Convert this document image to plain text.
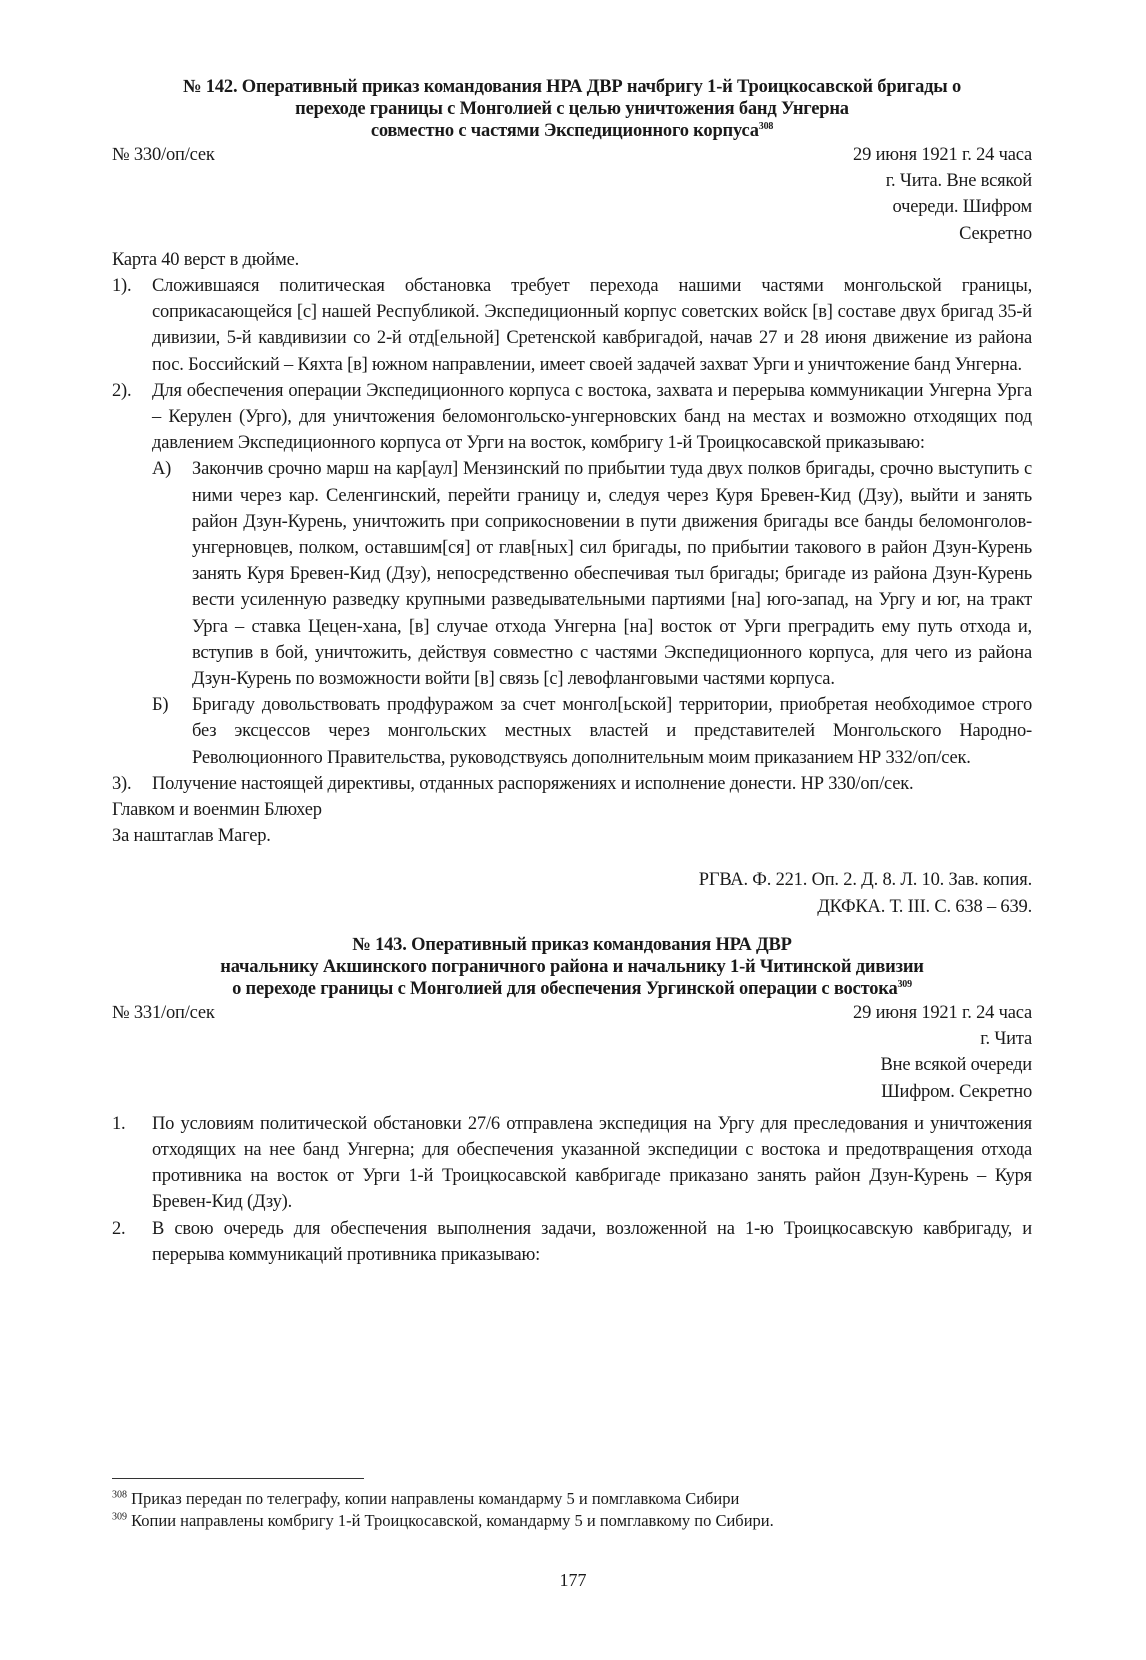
№ 142. Оперативный приказ командования НРА ДВР начбригу 1-й Троицкосавской бригады о
переходе границы с Монголией с целью уничтожения банд Унгерна
совместно с частями Экспедиционного корпуса$^{308}$
№ 330/оп/сек	29 июня 1921 г. 24 часа
г. Чита. Вне всякой
очереди. Шифром
Секретно
Карта 40 верст в дюйме.
1).	Сложившаяся политическая обстановка требует перехода нашими частями монгольской границы, соприкасающейся [с] нашей Республикой. Экспедиционный корпус советских войск [в] составе двух бригад 35-й дивизии, 5-й кавдивизии со 2-й отд[ельной] Сретенской кавбригадой, начав 27 и 28 июня движение из района пос. Боссийский – Кяхта [в] южном направлении, имеет своей задачей захват Урги и уничтожение банд Унгерна.
2).	Для обеспечения операции Экспедиционного корпуса с востока, захвата и перерыва коммуникации Унгерна Урга – Керулен (Урго), для уничтожения беломонгольско-унгерновских банд на местах и возможно отходящих под давлением Экспедиционного корпуса от Урги на восток, комбригу 1-й Троицкосавской приказываю:
А)	Закончив срочно марш на кар[аул] Мензинский по прибытии туда двух полков бригады, срочно выступить с ними через кар. Селенгинский, перейти границу и, следуя через Куря Бревен-Кид (Дзу), выйти и занять район Дзун-Курень, уничтожить при соприкосновении в пути движения бригады все банды беломонголов-унгерновцев, полком, оставшим[ся] от глав[ных] сил бригады, по прибытии такового в район Дзун-Курень занять Куря Бревен-Кид (Дзу), непосредственно обеспечивая тыл бригады; бригаде из района Дзун-Курень вести усиленную разведку крупными разведывательными партиями [на] юго-запад, на Ургу и юг, на тракт Урга – ставка Цецен-хана, [в] случае отхода Унгерна [на] восток от Урги преградить ему путь отхода и, вступив в бой, уничтожить, действуя совместно с частями Экспедиционного корпуса, для чего из района Дзун-Курень по возможности войти [в] связь [с] левофланговыми частями корпуса.
Б)	Бригаду довольствовать продфуражом за счет монгол[ьской] территории, приобретая необходимое строго без эксцессов через монгольских местных властей и представителей Монгольского Народно-Революционного Правительства, руководствуясь дополнительным моим приказанием НР 332/оп/сек.
3).	Получение настоящей директивы, отданных распоряжениях и исполнение донести. НР 330/оп/сек.
Главком и военмин Блюхер
За наштаглав Магер.
РГВА. Ф. 221. Оп. 2. Д. 8. Л. 10. Зав. копия.
ДКФКА. Т. III. С. 638 – 639.
№ 143. Оперативный приказ командования НРА ДВР
начальнику Акшинского пограничного района и начальнику 1-й Читинской дивизии
о переходе границы с Монголией для обеспечения Ургинской операции с востока$^{309}$
№ 331/оп/сек	29 июня 1921 г. 24 часа
г. Чита
Вне всякой очереди
Шифром. Секретно
1.	По условиям политической обстановки 27/6 отправлена экспедиция на Ургу для преследования и уничтожения отходящих на нее банд Унгерна; для обеспечения указанной экспедиции с востока и предотвращения отхода противника на восток от Урги 1-й Троицкосавской кавбригаде приказано занять район Дзун-Курень – Куря Бревен-Кид (Дзу).
2.	В свою очередь для обеспечения выполнения задачи, возложенной на 1-ю Троицкосавскую кавбригаду, и перерыва коммуникаций противника приказываю:
$^{308}$ Приказ передан по телеграфу, копии направлены командарму 5 и помглавкома Сибири
$^{309}$ Копии направлены комбригу 1-й Троицкосавской, командарму 5 и помглавкому по Сибири.
177
